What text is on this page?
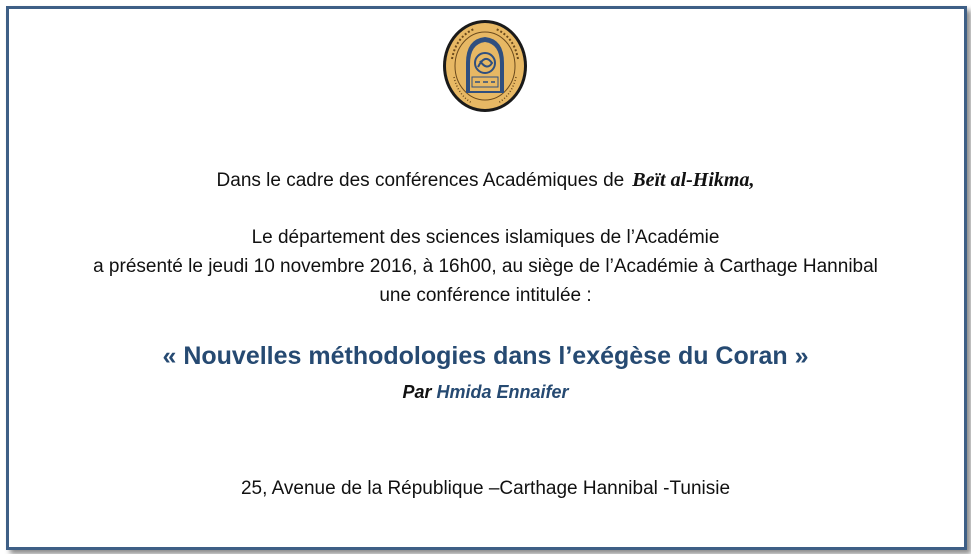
Dans le cadre des conférences Académiques de Beït al-Hikma,
Le département des sciences islamiques de l’Académie
a présenté le jeudi 10 novembre 2016, à 16h00, au siège de l’Académie à Carthage Hannibal
une conférence intitulée :
« Nouvelles méthodologies dans l’exégèse du Coran »
Par Hmida Ennaifer
25, Avenue de la République –Carthage Hannibal -Tunisie
